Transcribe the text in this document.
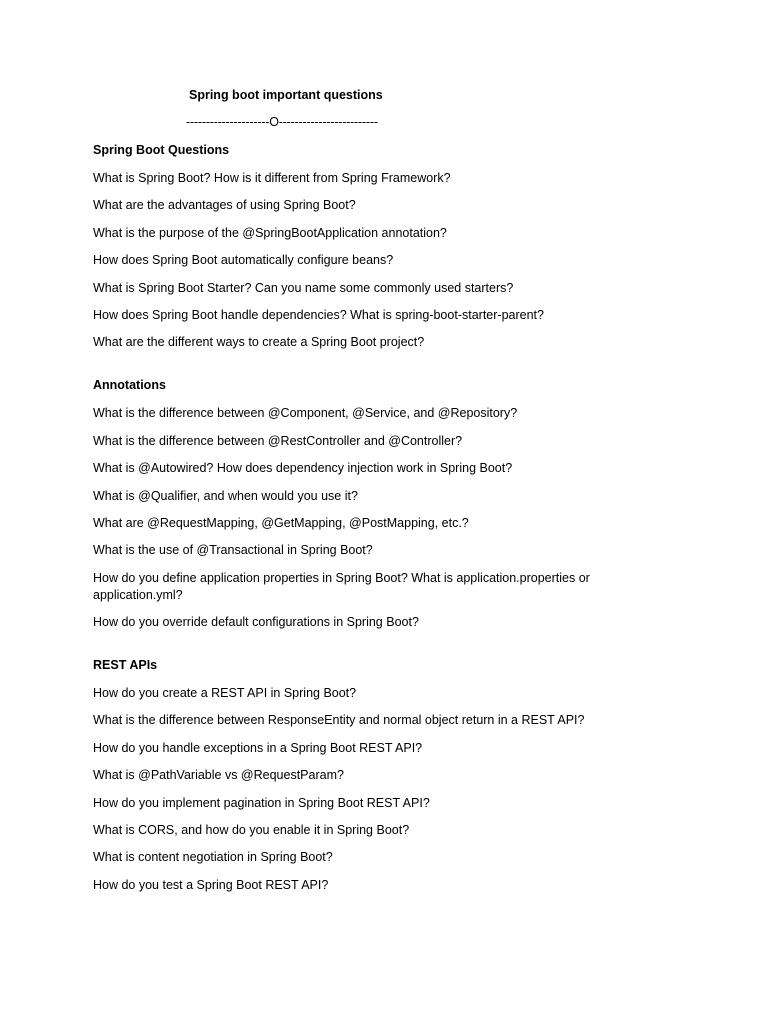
Spring boot important questions
---------------------O-------------------------
Spring Boot Questions
What is Spring Boot? How is it different from Spring Framework?
What are the advantages of using Spring Boot?
What is the purpose of the @SpringBootApplication annotation?
How does Spring Boot automatically configure beans?
What is Spring Boot Starter? Can you name some commonly used starters?
How does Spring Boot handle dependencies? What is spring-boot-starter-parent?
What are the different ways to create a Spring Boot project?
Annotations
What is the difference between @Component, @Service, and @Repository?
What is the difference between @RestController and @Controller?
What is @Autowired? How does dependency injection work in Spring Boot?
What is @Qualifier, and when would you use it?
What are @RequestMapping, @GetMapping, @PostMapping, etc.?
What is the use of @Transactional in Spring Boot?
How do you define application properties in Spring Boot? What is application.properties or application.yml?
How do you override default configurations in Spring Boot?
REST APIs
How do you create a REST API in Spring Boot?
What is the difference between ResponseEntity and normal object return in a REST API?
How do you handle exceptions in a Spring Boot REST API?
What is @PathVariable vs @RequestParam?
How do you implement pagination in Spring Boot REST API?
What is CORS, and how do you enable it in Spring Boot?
What is content negotiation in Spring Boot?
How do you test a Spring Boot REST API?
